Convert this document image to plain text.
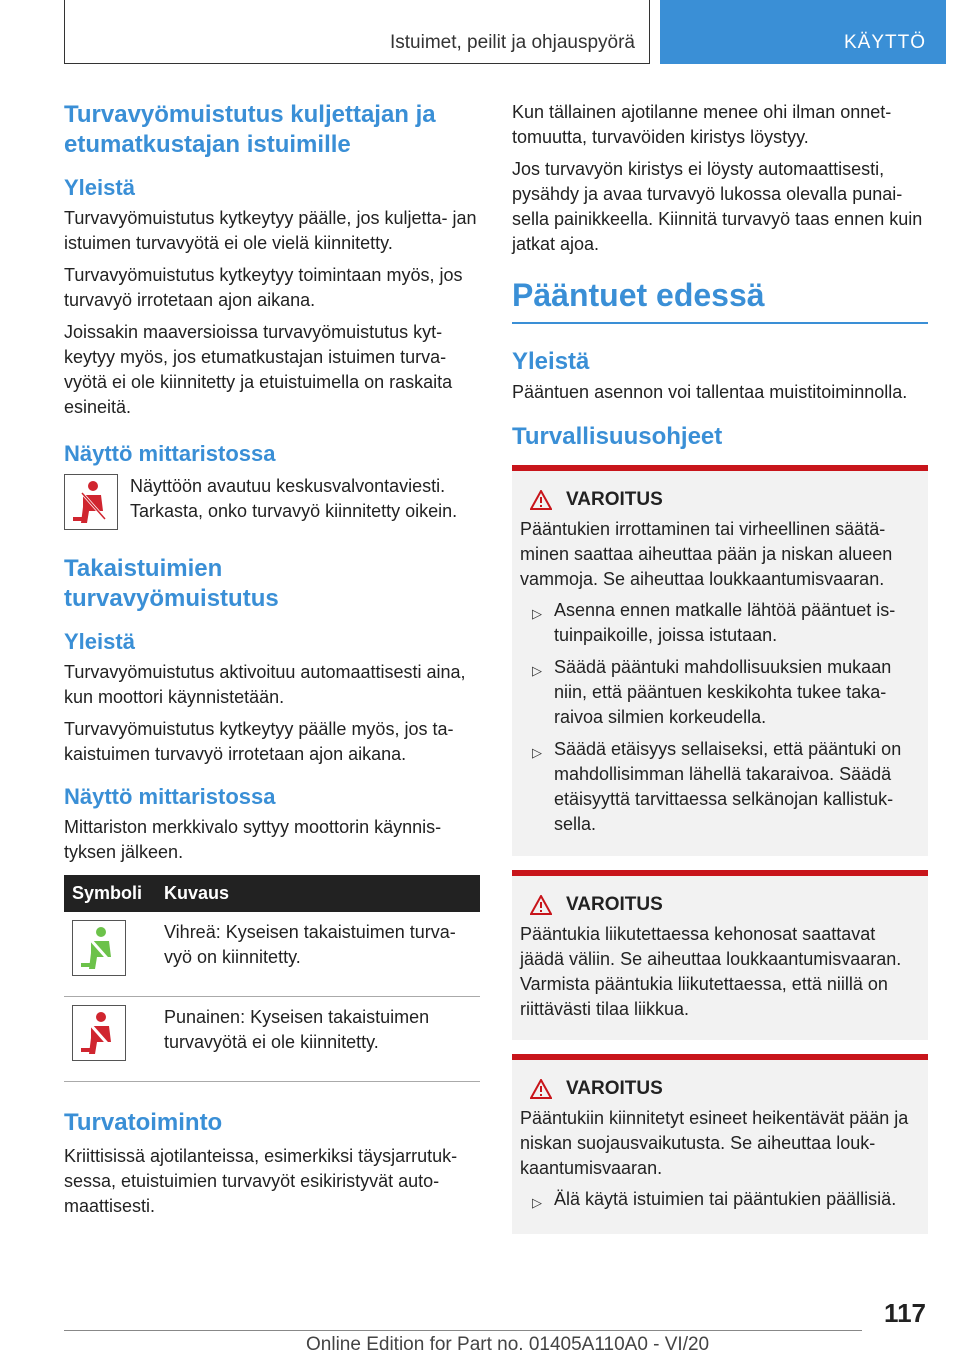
Istuimet, peilit ja ohjauspyörä	KÄYTTÖ
Turvavyömuistutus kuljettajan ja etumatkustajan istuimille
Yleistä

Turvavyömuistutus kytkeytyy päälle, jos kuljetta‐ jan istuimen turvavyötä ei ole vielä kiinnitetty.

Turvavyömuistutus kytkeytyy toimintaan myös, jos turvavyö irrotetaan ajon aikana.

Joissakin maaversioissa turvavyömuistutus kyt‐ keytyy myös, jos etumatkustajan istuimen turva‐ vyötä ei ole kiinnitetty ja etuistuimella on raskaita esineitä.

Näyttö mittaristossa

Näyttöön avautuu keskusvalvontaviesti. Tarkasta, onko turvavyö kiinnitetty oikein.

Takaistuimien turvavyömuistutus
Yleistä

Turvavyömuistutus aktivoituu automaattisesti aina, kun moottori käynnistetään.

Turvavyömuistutus kytkeytyy päälle myös, jos ta‐ kaistuimen turvavyö irrotetaan ajon aikana.

Näyttö mittaristossa

Mittariston merkkivalo syttyy moottorin käynnis‐ tyksen jälkeen.

Symboli	Kuvaus

	Vihreä: Kyseisen takaistuimen turva‐ vyö on kiinnitetty.

	Punainen: Kyseisen takaistuimen turvavyötä ei ole kiinnitetty.
Turvatoiminto

Kriittisissä ajotilanteissa, esimerkiksi täysjarrutuk‐ sessa, etuistuimien turvavyöt esikiristyvät auto‐ maattisesti.

Kun tällainen ajotilanne menee ohi ilman onnet‐ tomuutta, turvavöiden kiristys löystyy.

Jos turvavyön kiristys ei löysty automaattisesti, pysähdy ja avaa turvavyö lukossa olevalla punai‐ sella painikkeella. Kiinnitä turvavyö taas ennen kuin jatkat ajoa.

Pääntuet edessä
Yleistä

Pääntuen asennon voi tallentaa muistitoiminnolla.

Turvallisuusohjeet
VAROITUS

Pääntukien irrottaminen tai virheellinen säätä‐ minen saattaa aiheuttaa pään ja niskan alueen vammoja. Se aiheuttaa loukkaantumisvaaran.

▷ Asenna ennen matkalle lähtöä pääntuet is‐ tuinpaikoille, joissa istutaan.
▷ Säädä pääntuki mahdollisuuksien mukaan niin, että pääntuen keskikohta tukee taka‐ raivoa silmien korkeudella.
▷ Säädä etäisyys sellaiseksi, että pääntuki on mahdollisimman lähellä takaraivoa. Säädä etäisyyttä tarvittaessa selkänojan kallistuk‐ sella.
VAROITUS

Pääntukia liikutettaessa kehonosat saattavat jäädä väliin. Se aiheuttaa loukkaantumisvaaran. Varmista pääntukia liikutettaessa, että niillä on riittävästi tilaa liikkua.

VAROITUS

Pääntukiin kiinnitetyt esineet heikentävät pään ja niskan suojausvaikutusta. Se aiheuttaa louk‐ kaantumisvaaran.

▷ Älä käytä istuimien tai pääntukien päällisiä.
117
Online Edition for Part no. 01405A110A0 - VI/20
